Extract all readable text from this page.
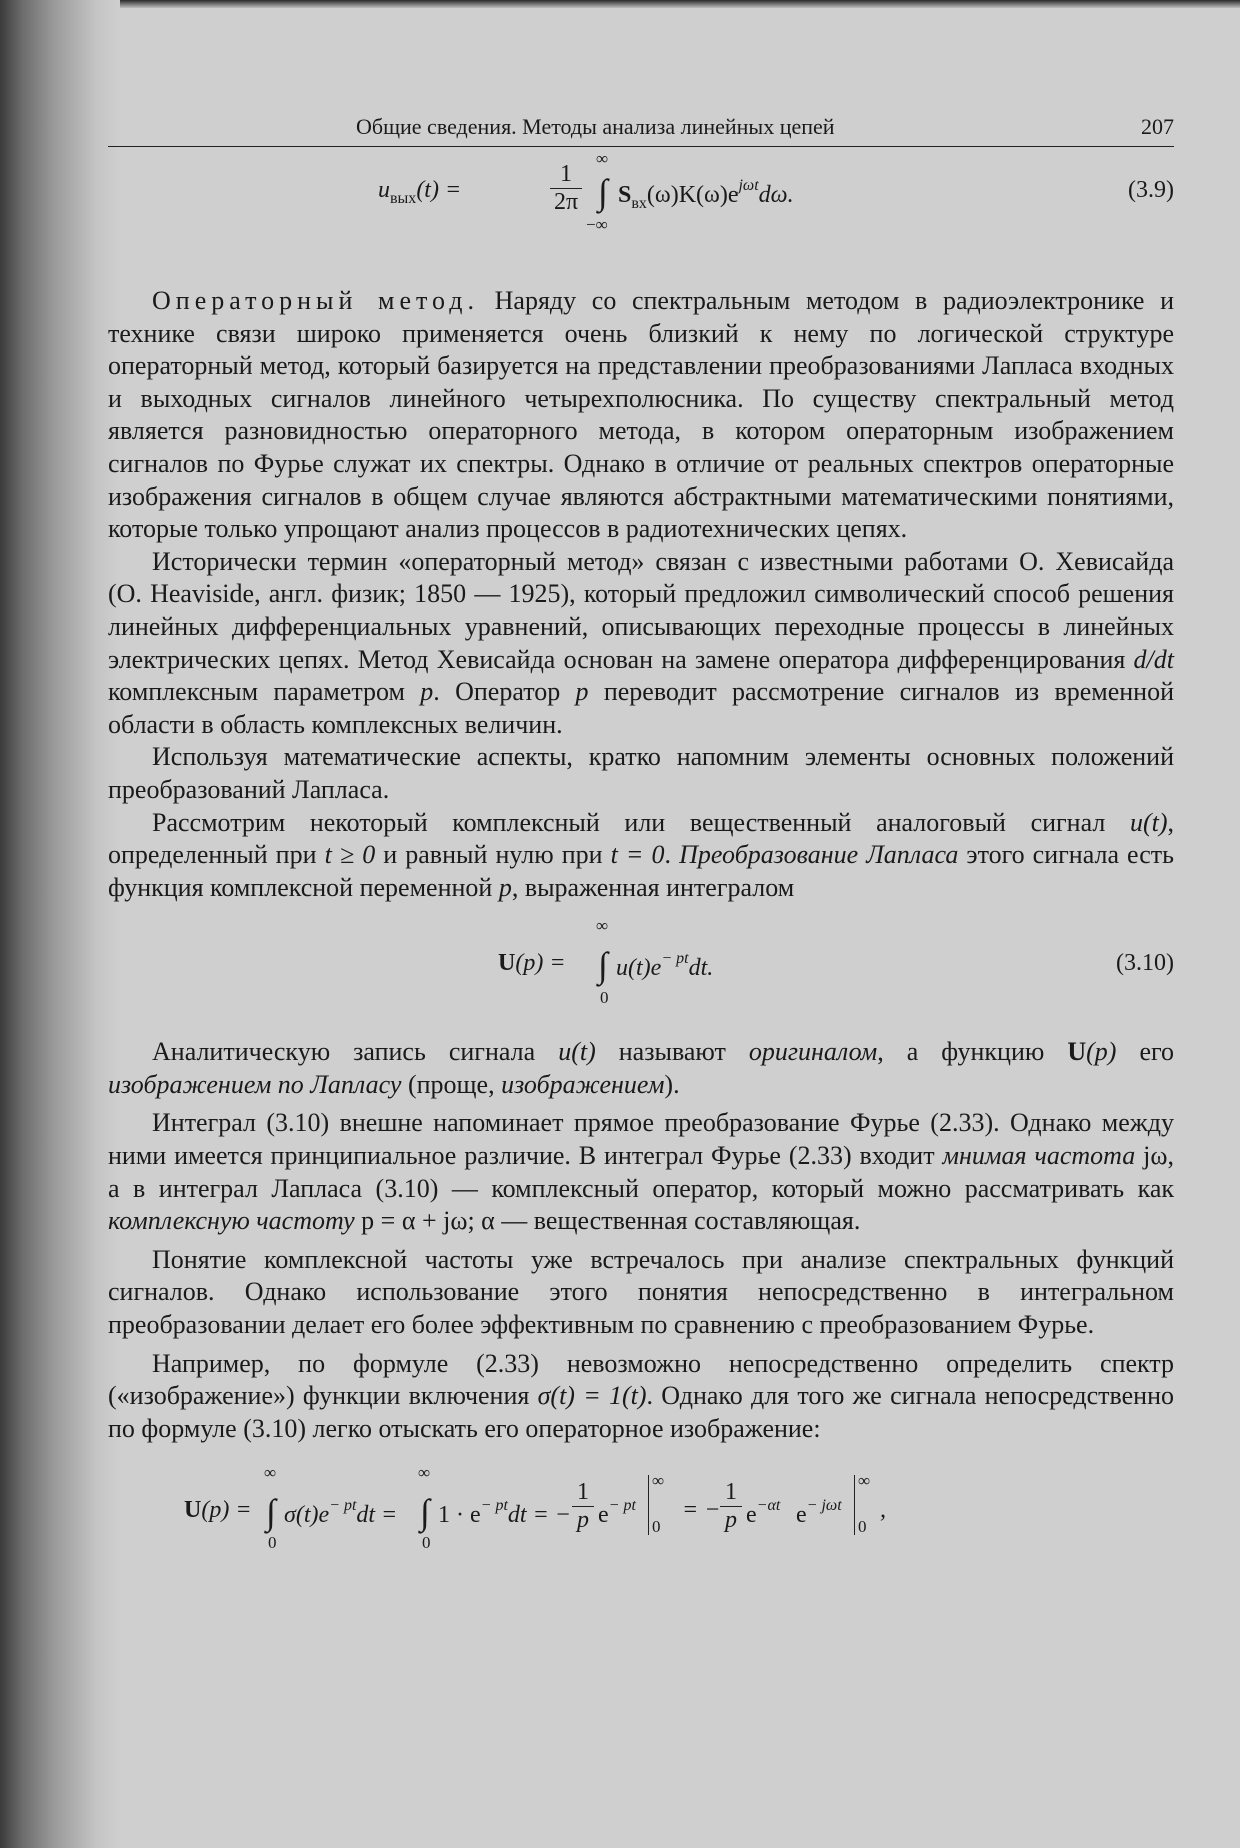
Общие сведения. Методы анализа линейных цепей	207
∞
$u_{вых}(t)$ =	$\frac{1}{2\pi}$ ∫ $S_{вх}(\omega)K(\omega)e^{j\omega t}d\omega$.
−∞
(3.9)

Операторный метод. Наряду со спектральным методом в радиоэлектронике и технике связи широко применяется очень близкий к нему по логической структуре операторный метод, который базируется на представлении преобразованиями Лапласа входных и выходных сигналов линейного четырехполюсника. По существу спектральный метод является разновидностью операторного метода, в котором операторным изображением сигналов по Фурье служат их спектры. Однако в отличие от реальных спектров операторные изображения сигналов в общем случае являются абстрактными математическими понятиями, которые только упрощают анализ процессов в радиотехнических цепях.

Исторически термин «операторный метод» связан с известными работами О. Хевисайда (O. Heaviside, англ. физик; 1850 — 1925), который предложил символический способ решения линейных дифференциальных уравнений, описывающих переходные процессы в линейных электрических цепях. Метод Хевисайда основан на замене оператора дифференцирования d/dt комплексным параметром p. Оператор p переводит рассмотрение сигналов из временной области в область комплексных величин.

Используя математические аспекты, кратко напомним элементы основных положений преобразований Лапласа.

Рассмотрим некоторый комплексный или вещественный аналоговый сигнал u(t), определенный при t ≥ 0 и равный нулю при t = 0. Преобразование Лапласа этого сигнала есть функция комплексной переменной p, выраженная интегралом

∞
U(p) = ∫ $u(t)e^{- pt}dt$.
0
(3.10)

Аналитическую запись сигнала u(t) называют оригиналом, а функцию U(p) его изображением по Лапласу (проще, изображением).

Интеграл (3.10) внешне напоминает прямое преобразование Фурье (2.33). Однако между ними имеется принципиальное различие. В интеграл Фурье (2.33) входит мнимая частота jω, а в интеграл Лапласа (3.10) — комплексный оператор, который можно рассматривать как комплексную частоту p = α + jω; α — вещественная составляющая.

Понятие комплексной частоты уже встречалось при анализе спектральных функций сигналов. Однако использование этого понятия непосредственно в интегральном преобразовании делает его более эффективным по сравнению с преобразованием Фурье.

Например, по формуле (2.33) невозможно непосредственно определить спектр («изображение») функции включения σ(t) = 1(t). Однако для того же сигнала непосредственно по формуле (3.10) легко отыскать его операторное изображение:

U(p) =
∞
∫
0
$\sigma(t)e^{- pt}dt$ =
∞
∫
0
$1 \cdot e^{- pt}dt$ = − $\frac{1}{p} e^{- pt}$
∞
0
= − $\frac{1}{p} e^{-\alpha t}$ $e^{- j\omega t}$
∞
0
,
